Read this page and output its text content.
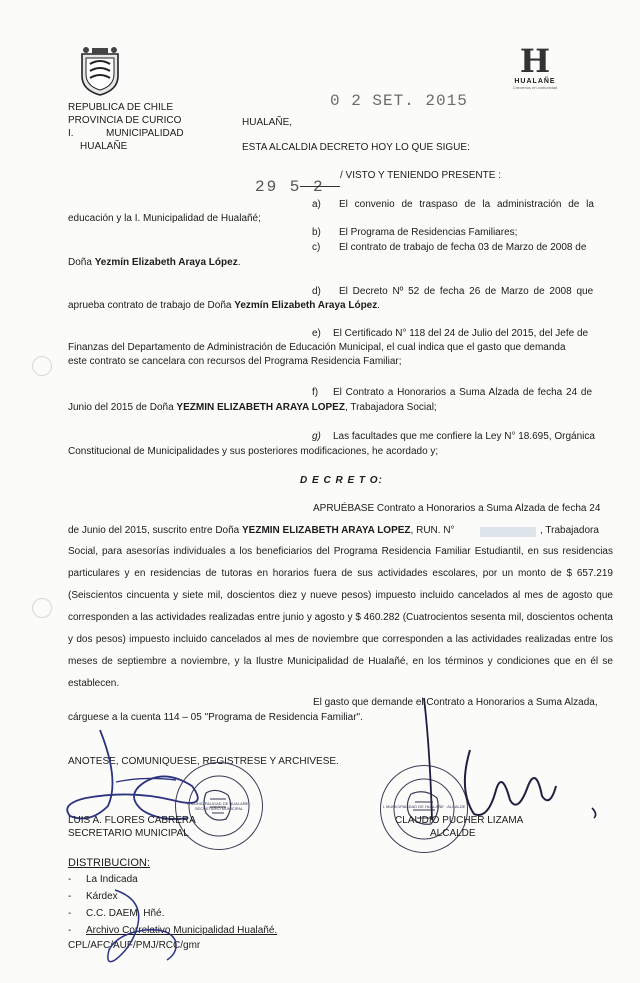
REPUBLICA DE CHILE
PROVINCIA DE CURICO
I.	MUNICIPALIDAD
HUALAÑE
0 2 SET. 2015
HUALAÑE,
ESTA ALCALDIA DECRETO HOY LO QUE SIGUE:
H
HUALAÑE
Crecemos en comunidad
29 5 2
/ VISTO Y TENIENDO PRESENTE :
a) El convenio de traspaso de la administración de la
educación y la I. Municipalidad de Hualañé;
b) El Programa de Residencias Familiares;
c) El contrato de trabajo de fecha 03 de Marzo de 2008 de
Doña Yezmín Elizabeth Araya López.
d) El Decreto Nº 52 de fecha 26 de Marzo de 2008 que
aprueba contrato de trabajo de Doña Yezmín Elizabeth Araya López.
e) El Certificado N° 118 del 24 de Julio del 2015, del Jefe de
Finanzas del Departamento de Administración de Educación Municipal, el cual indica que el gasto que demanda
este contrato se cancelara con recursos del Programa Residencia Familiar;
f) El Contrato a Honorarios a Suma Alzada de fecha 24 de
Junio del 2015 de Doña YEZMIN ELIZABETH ARAYA LOPEZ, Trabajadora Social;
g) Las facultades que me confiere la Ley N° 18.695, Orgánica
Constitucional de Municipalidades y sus posteriores modificaciones, he acordado y;
D E C R E T O:
APRUÉBASE Contrato a Honorarios a Suma Alzada de fecha 24
de Junio del 2015, suscrito entre Doña YEZMIN ELIZABETH ARAYA LOPEZ, RUN. N°	, Trabajadora
Social, para asesorías individuales a los beneficiarios del Programa Residencia Familiar Estudiantil, en sus residencias particulares y en residencias de tutoras en horarios fuera de sus actividades escolares, por un monto de $ 657.219 (Seiscientos cincuenta y siete mil, doscientos diez y nueve pesos) impuesto incluido cancelados al mes de agosto que corresponden a las actividades realizadas entre junio y agosto y $ 460.282 (Cuatrocientos sesenta mil, doscientos ochenta y dos pesos) impuesto incluido cancelados al mes de noviembre que corresponden a las actividades realizadas entre los meses de septiembre a noviembre, y la Ilustre Municipalidad de Hualañé, en los términos y condiciones que en él se establecen.
El gasto que demande el Contrato a Honorarios a Suma Alzada,
cárguese a la cuenta 114 – 05 "Programa de Residencia Familiar".
ANOTESE, COMUNIQUESE, REGISTRESE Y ARCHIVESE.
I. MUNICIPALIDAD DE HUALAÑE · SECRETARIO MUNICIPAL	I. MUNICIPALIDAD DE HUALAÑE · ALCALDE
LUIS A. FLORES CABRERA
SECRETARIO MUNICIPAL
CLAUDIO PUCHER LIZAMA
ALCALDE
DISTRIBUCION:
- La Indicada
- Kárdex
- C.C. DAEM. Hñé.
- Archivo Correlativo Municipalidad Hualañé.
CPL/AFC/AUF/PMJ/RCC/gmr
